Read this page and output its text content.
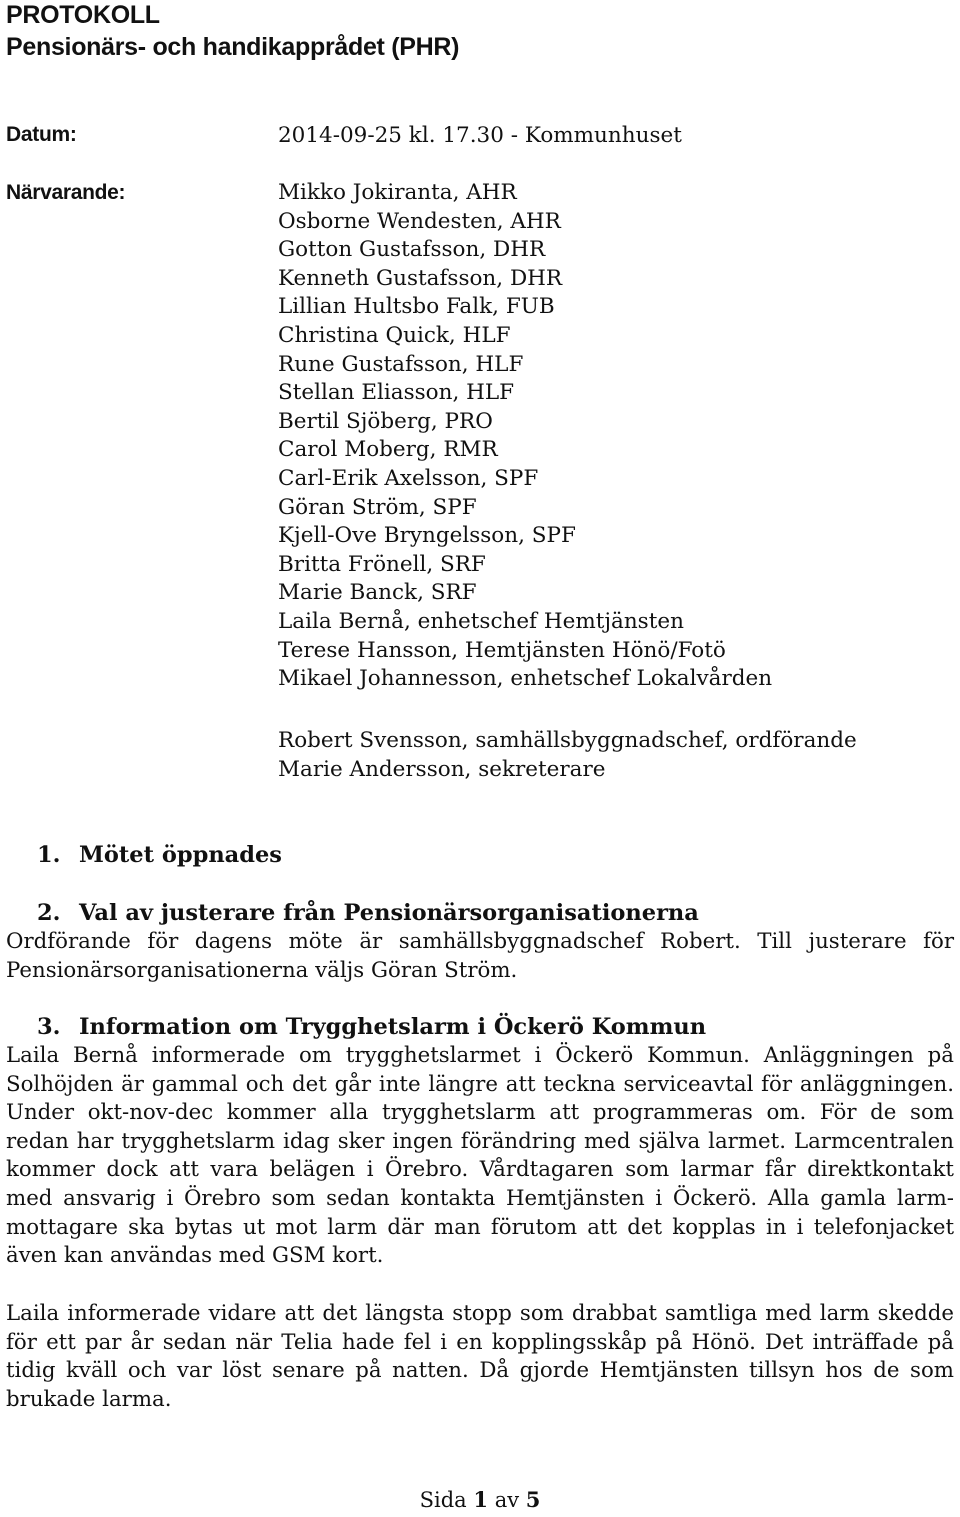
PROTOKOLL
Pensionärs- och handikapprådet (PHR)
Datum:	2014-09-25 kl. 17.30 - Kommunhuset
Närvarande:	Mikko Jokiranta, AHR
Osborne Wendesten, AHR
Gotton Gustafsson, DHR
Kenneth Gustafsson, DHR
Lillian Hultsbo Falk, FUB
Christina Quick, HLF
Rune Gustafsson, HLF
Stellan Eliasson, HLF
Bertil Sjöberg, PRO
Carol Moberg, RMR
Carl-Erik Axelsson, SPF
Göran Ström, SPF
Kjell-Ove Bryngelsson, SPF
Britta Frönell, SRF
Marie Banck, SRF
Laila Bernå, enhetschef Hemtjänsten
Terese Hansson, Hemtjänsten Hönö/Fotö
Mikael Johannesson, enhetschef Lokalvården
Robert Svensson, samhällsbyggnadschef, ordförande
Marie Andersson, sekreterare
1. Mötet öppnades
2. Val av justerare från Pensionärsorganisationerna

Ordförande för dagens möte är samhällsbyggnadschef Robert. Till justerare för Pensionärsorganisationerna väljs Göran Ström.

3. Information om Trygghetslarm i Öckerö Kommun

Laila Bernå informerade om trygghetslarmet i Öckerö Kommun. Anläggningen på Solhöjden är gammal och det går inte längre att teckna serviceavtal för anläggningen. Under okt-nov-dec kommer alla trygghetslarm att programmeras om. För de som redan har trygghetslarm idag sker ingen förändring med själva larmet. Larmcentralen kommer dock att vara belägen i Örebro. Vårdtagaren som larmar får direktkontakt med ansvarig i Örebro som sedan kontakta Hemtjänsten i Öckerö. Alla gamla larm-mottagare ska bytas ut mot larm där man förutom att det kopplas in i telefonjacket även kan användas med GSM kort.

Laila informerade vidare att det längsta stopp som drabbat samtliga med larm skedde för ett par år sedan när Telia hade fel i en kopplingsskåp på Hönö. Det inträffade på tidig kväll och var löst senare på natten. Då gjorde Hemtjänsten tillsyn hos de som brukade larma.

Sida 1 av 5
